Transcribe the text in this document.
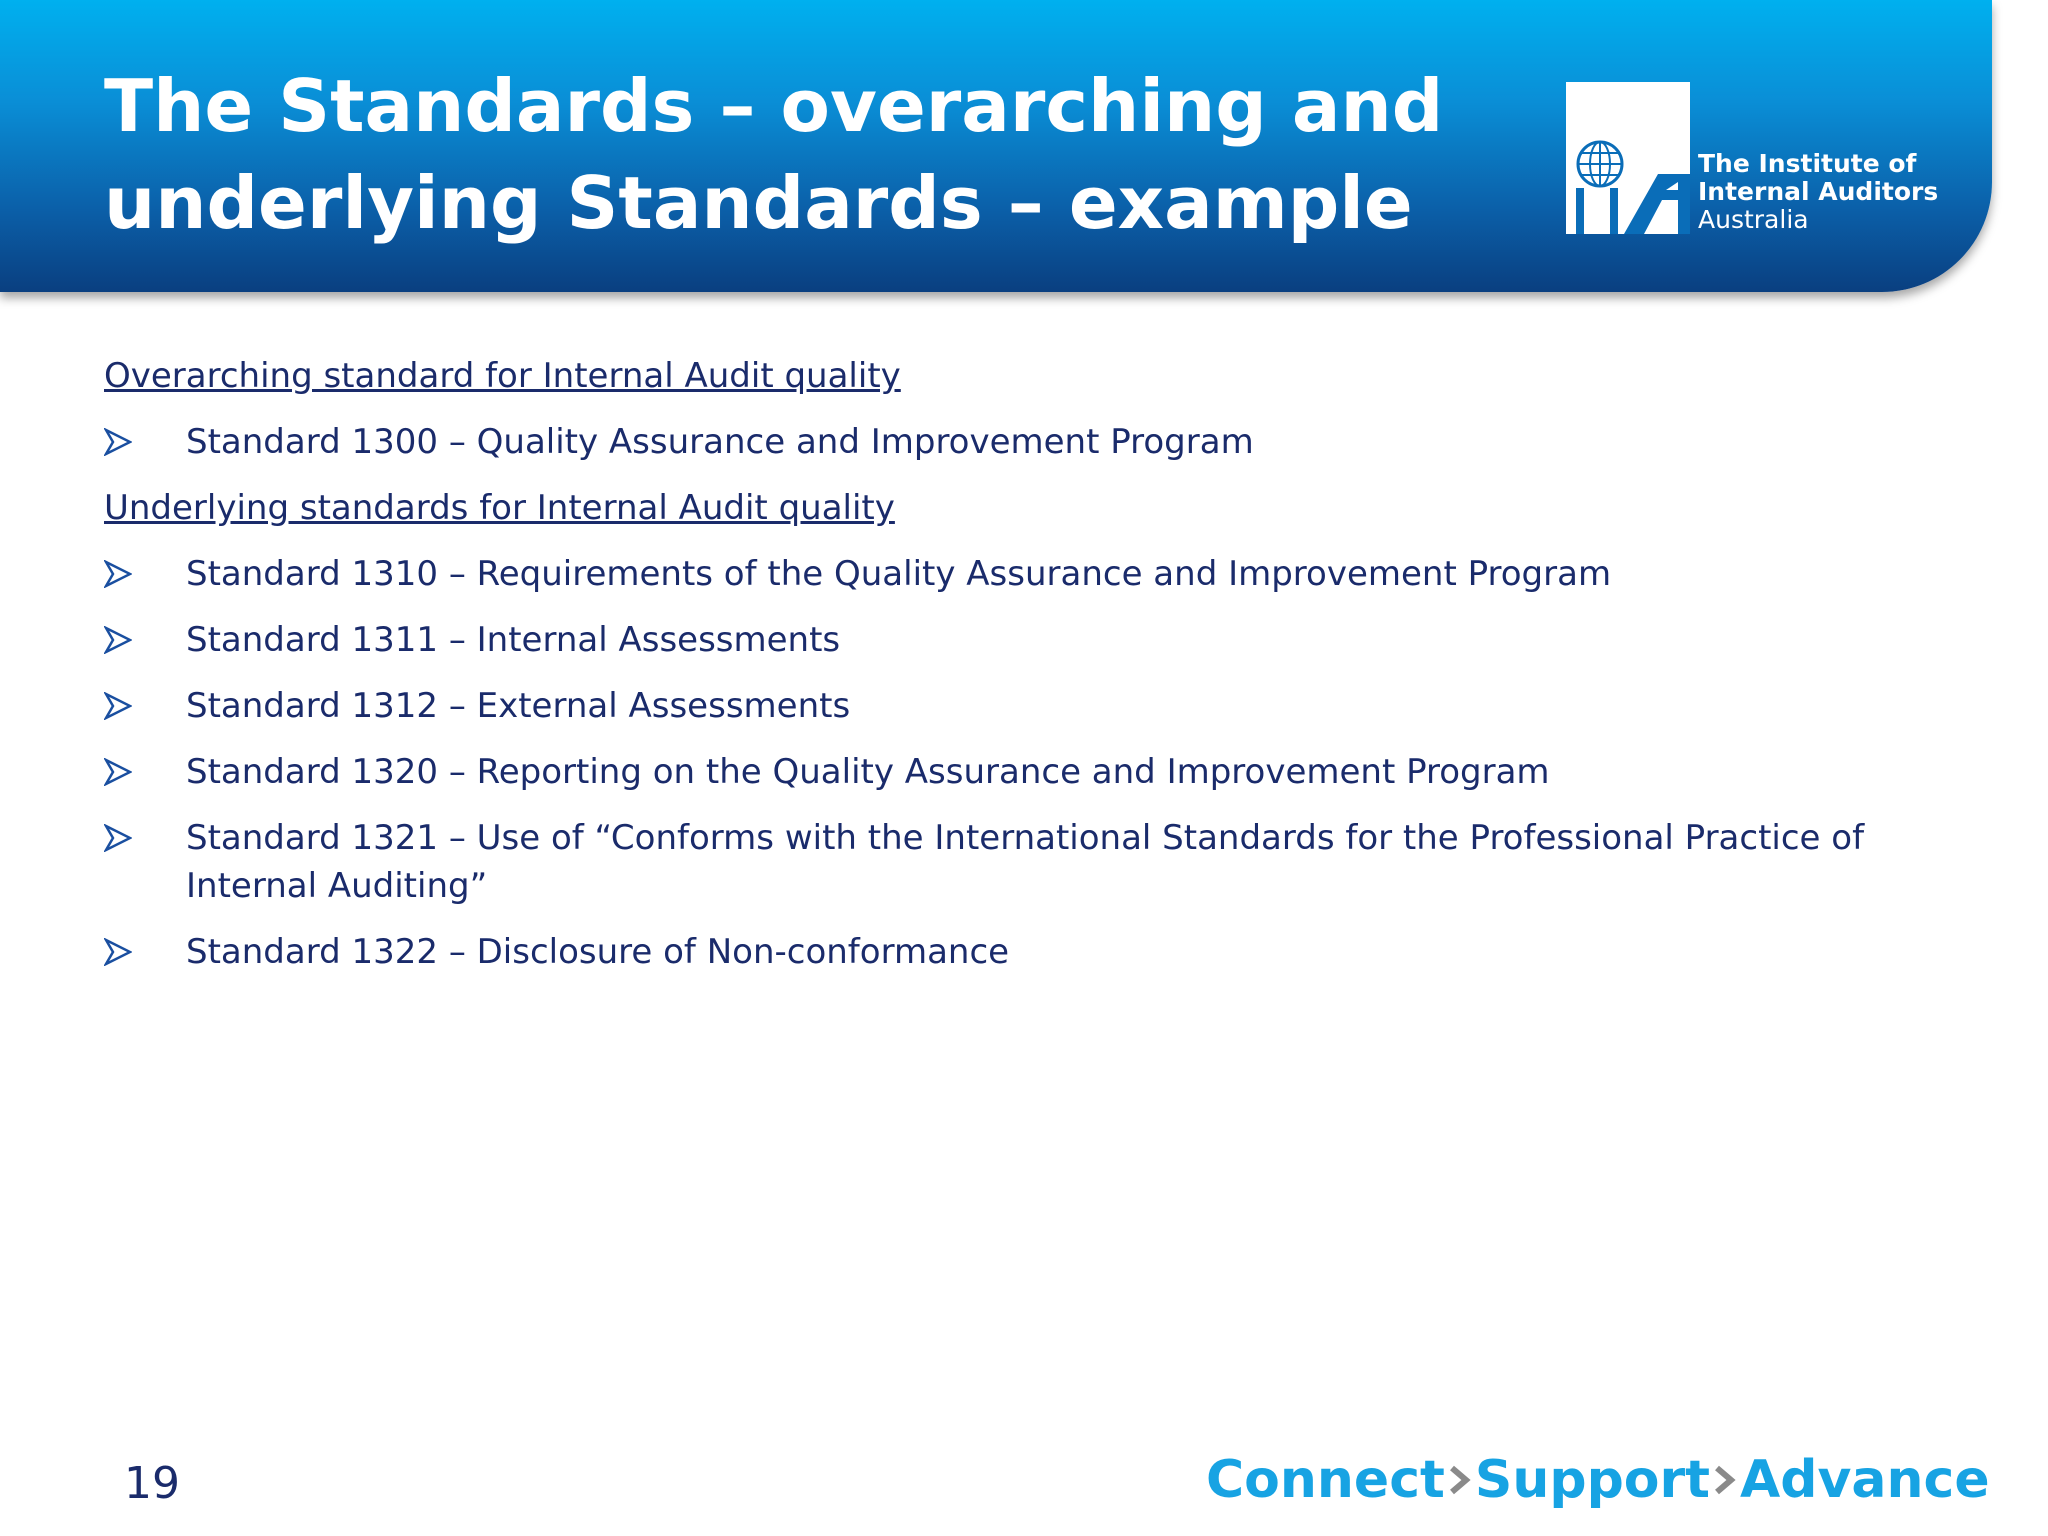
The Standards – overarching and underlying Standards – example	The Institute of
Internal Auditors
Australia
Overarching standard for Internal Audit quality
Standard 1300 – Quality Assurance and Improvement Program
Underlying standards for Internal Audit quality
Standard 1310 – Requirements of the Quality Assurance and Improvement Program
Standard 1311 – Internal Assessments
Standard 1312 – External Assessments
Standard 1320 – Reporting on the Quality Assurance and Improvement Program
Standard 1321 – Use of “Conforms with the International Standards for the Professional Practice of Internal Auditing”
Standard 1322 – Disclosure of Non-conformance
19	Connect Support Advance
